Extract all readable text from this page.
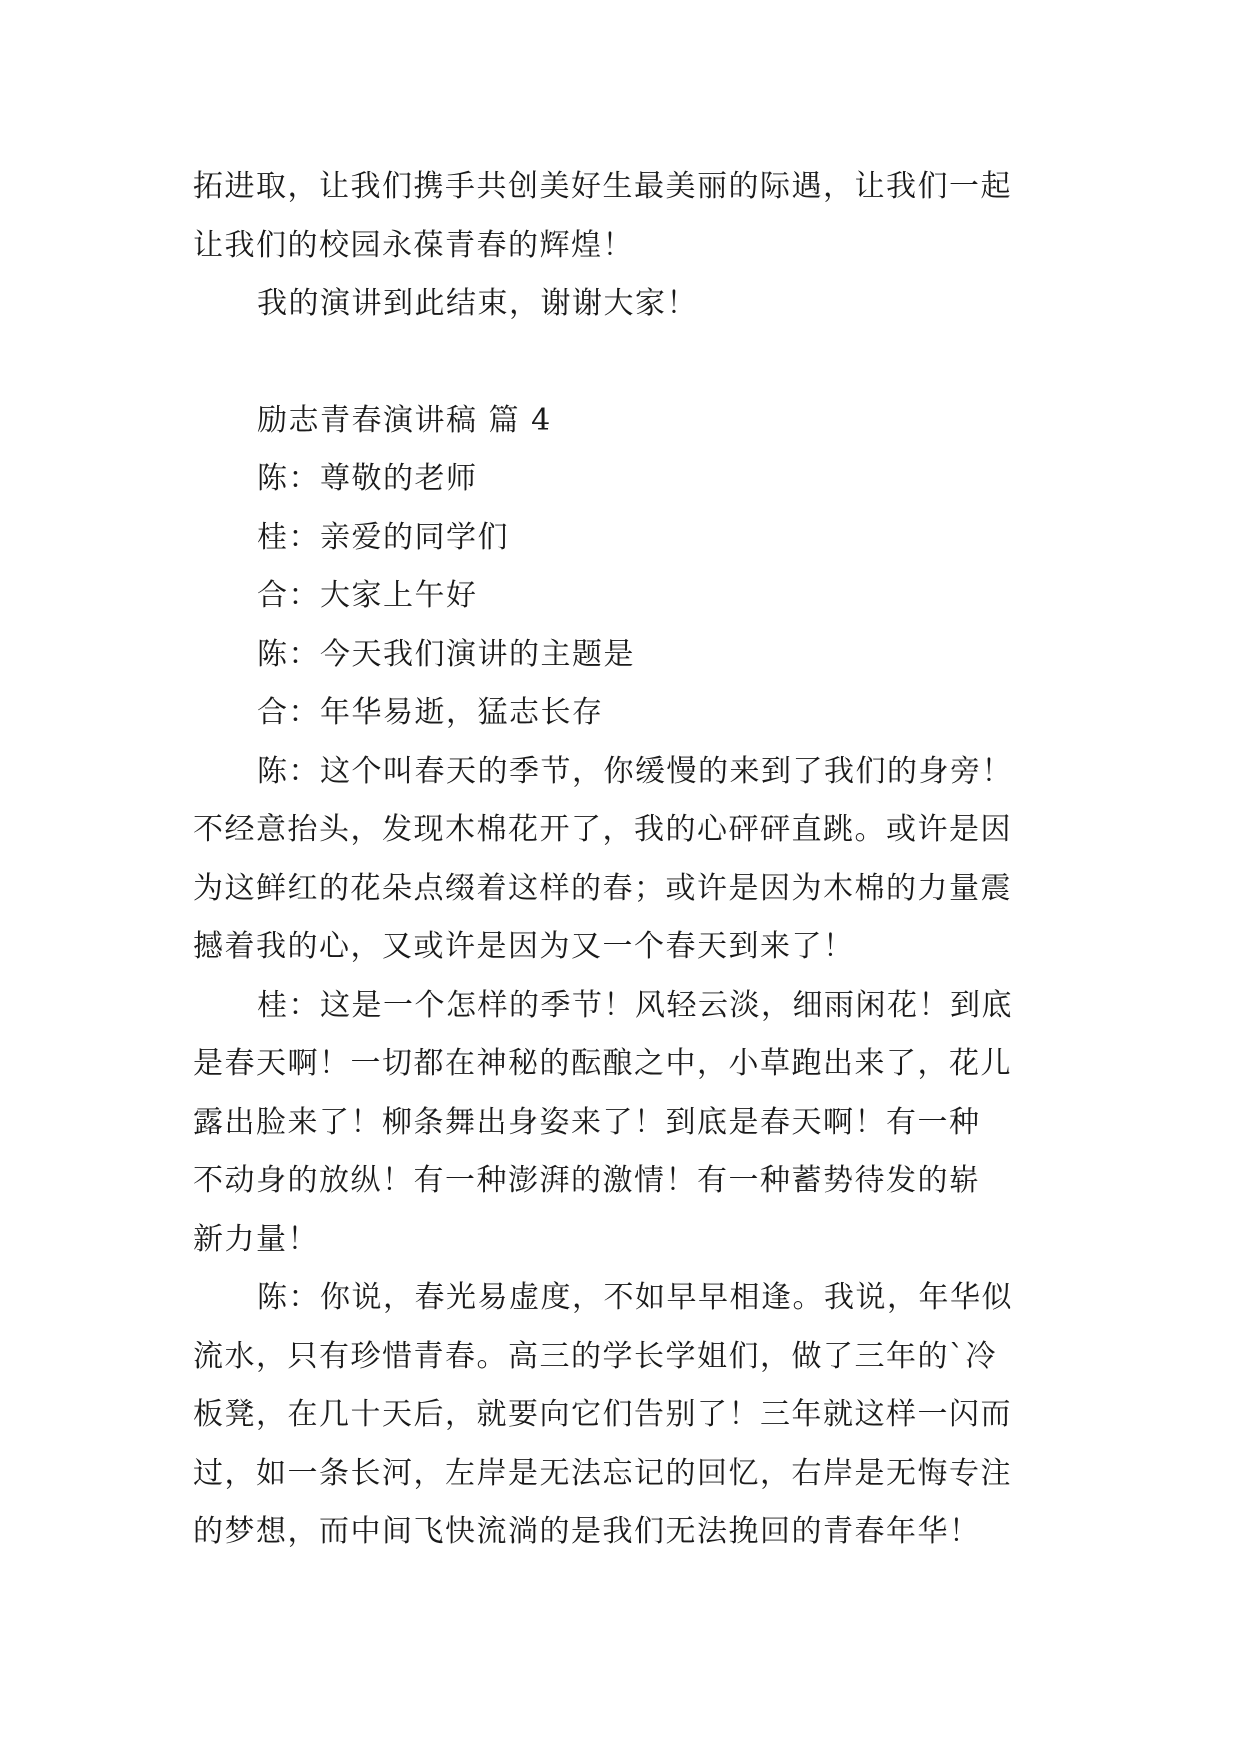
拓进取，让我们携手共创美好生最美丽的际遇，让我们一起
让我们的校园永葆青春的辉煌！
我的演讲到此结束，谢谢大家！
励志青春演讲稿 篇 4
陈：尊敬的老师
桂：亲爱的同学们
合：大家上午好
陈：今天我们演讲的主题是
合：年华易逝，猛志长存
陈：这个叫春天的季节，你缓慢的来到了我们的身旁！
不经意抬头，发现木棉花开了，我的心砰砰直跳。或许是因
为这鲜红的花朵点缀着这样的春；或许是因为木棉的力量震
撼着我的心，又或许是因为又一个春天到来了！
桂：这是一个怎样的季节！风轻云淡，细雨闲花！到底
是春天啊！一切都在神秘的酝酿之中，小草跑出来了，花儿
露出脸来了！柳条舞出身姿来了！到底是春天啊！有一种
不动身的放纵！有一种澎湃的激情！有一种蓄势待发的崭
新力量！
陈：你说，春光易虚度，不如早早相逢。我说，年华似
流水，只有珍惜青春。高三的学长学姐们，做了三年的`冷
板凳，在几十天后，就要向它们告别了！三年就这样一闪而
过，如一条长河，左岸是无法忘记的回忆，右岸是无悔专注
的梦想，而中间飞快流淌的是我们无法挽回的青春年华！
